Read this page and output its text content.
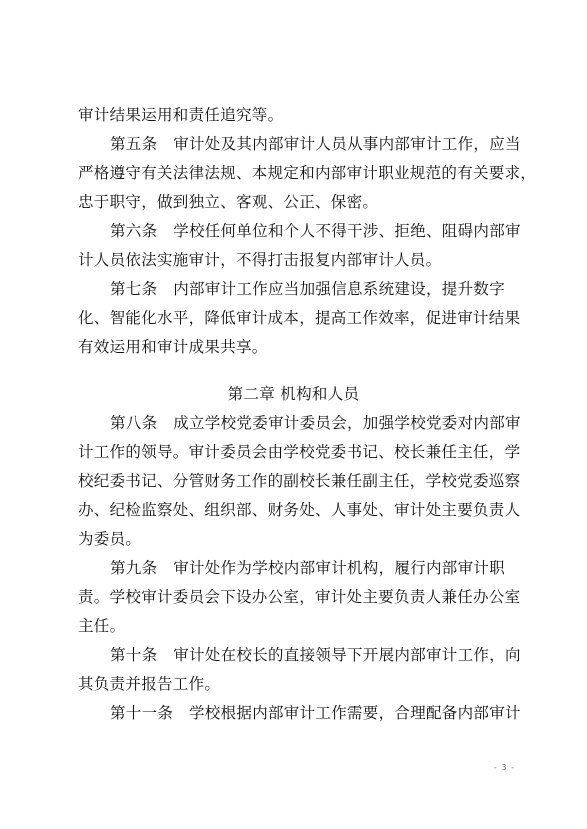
审计结果运用和责任追究等。
第五条　审计处及其内部审计人员从事内部审计工作，应当
严格遵守有关法律法规、本规定和内部审计职业规范的有关要求，
忠于职守，做到独立、客观、公正、保密。
第六条　学校任何单位和个人不得干涉、拒绝、阻碍内部审
计人员依法实施审计，不得打击报复内部审计人员。
第七条　内部审计工作应当加强信息系统建设，提升数字
化、智能化水平，降低审计成本，提高工作效率，促进审计结果
有效运用和审计成果共享。
第二章 机构和人员
第八条　成立学校党委审计委员会，加强学校党委对内部审
计工作的领导。审计委员会由学校党委书记、校长兼任主任，学
校纪委书记、分管财务工作的副校长兼任副主任，学校党委巡察
办、纪检监察处、组织部、财务处、人事处、审计处主要负责人
为委员。
第九条　审计处作为学校内部审计机构，履行内部审计职
责。学校审计委员会下设办公室，审计处主要负责人兼任办公室
主任。
第十条　审计处在校长的直接领导下开展内部审计工作，向
其负责并报告工作。
第十一条　学校根据内部审计工作需要，合理配备内部审计
- 3 -
